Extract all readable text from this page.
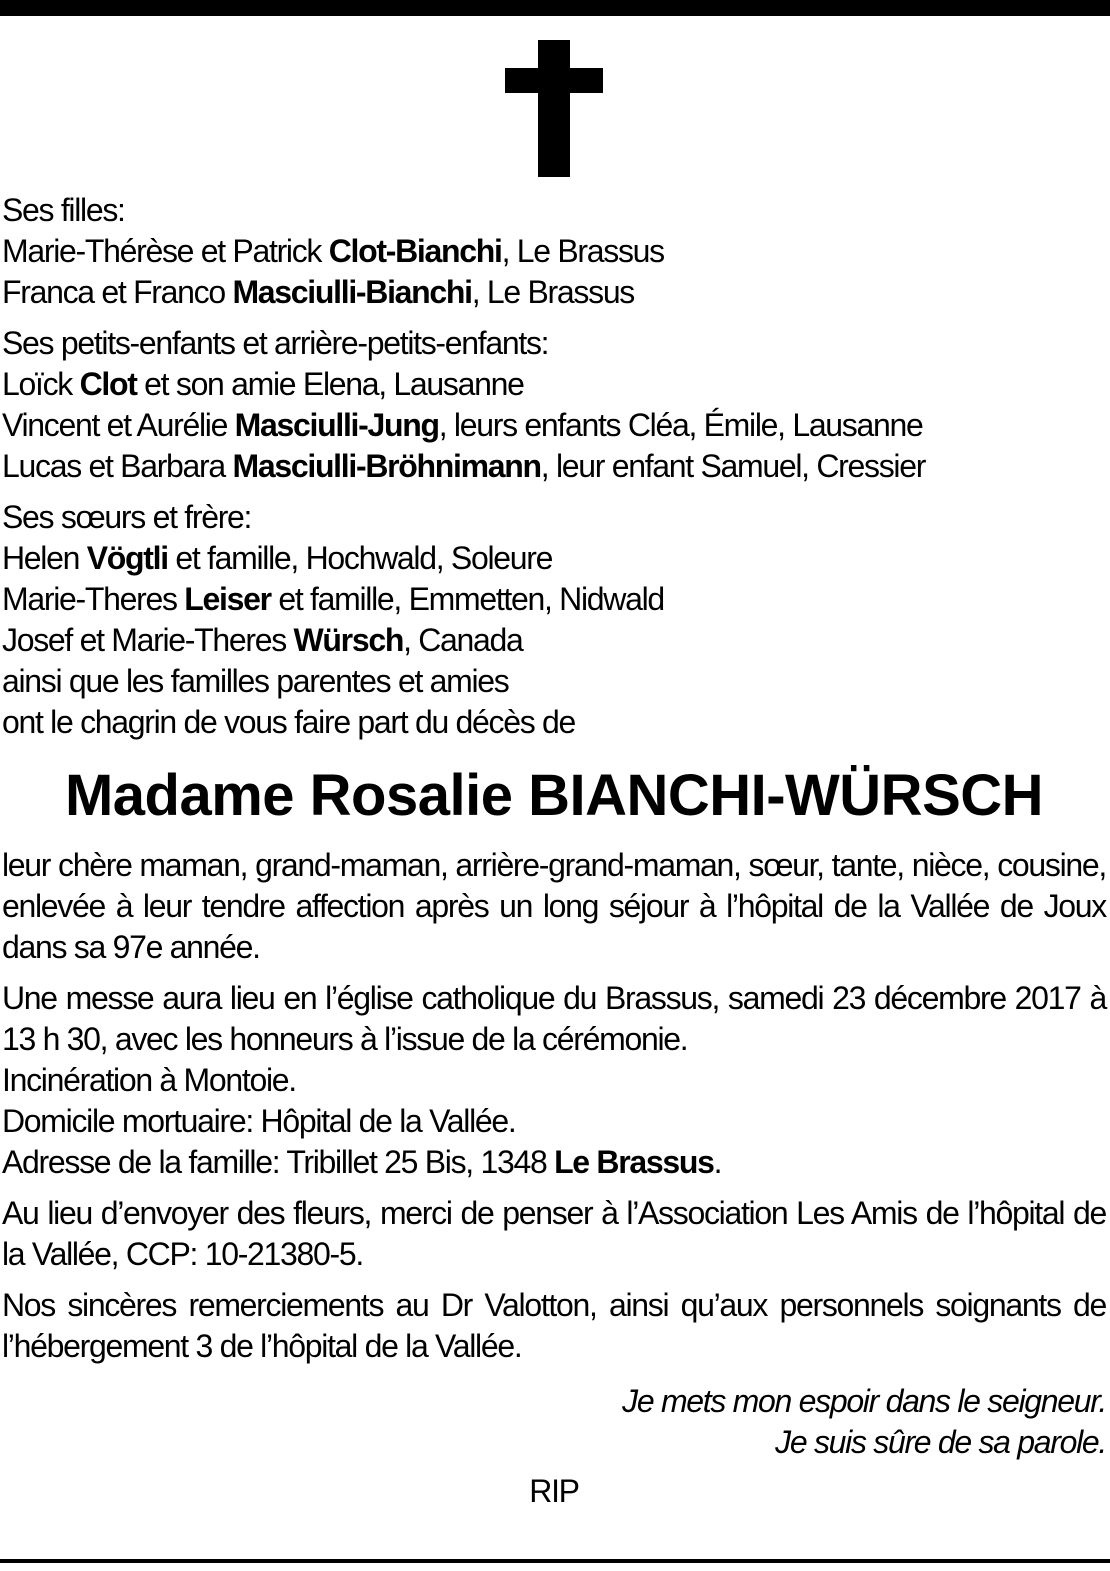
Ses filles:
Marie-Thérèse et Patrick Clot-Bianchi, Le Brassus
Franca et Franco Masciulli-Bianchi, Le Brassus
Ses petits-enfants et arrière-petits-enfants:
Loïck Clot et son amie Elena, Lausanne
Vincent et Aurélie Masciulli-Jung, leurs enfants Cléa, Émile, Lausanne
Lucas et Barbara Masciulli-Bröhnimann, leur enfant Samuel, Cressier
Ses sœurs et frère:
Helen Vögtli et famille, Hochwald, Soleure
Marie-Theres Leiser et famille, Emmetten, Nidwald
Josef et Marie-Theres Würsch, Canada
ainsi que les familles parentes et amies
ont le chagrin de vous faire part du décès de
Madame Rosalie BIANCHI-WÜRSCH
leur chère maman, grand-maman, arrière-grand-maman, sœur, tante, nièce, cousine, enlevée à leur tendre affection après un long séjour à l’hôpital de la Vallée de Joux dans sa 97e année.
Une messe aura lieu en l’église catholique du Brassus, samedi 23 décembre 2017 à 13 h 30, avec les honneurs à l’issue de la cérémonie.
Incinération à Montoie.
Domicile mortuaire: Hôpital de la Vallée.
Adresse de la famille: Tribillet 25 Bis, 1348 Le Brassus.
Au lieu d’envoyer des fleurs, merci de penser à l’Association Les Amis de l’hôpital de la Vallée, CCP: 10-21380-5.
Nos sincères remerciements au Dr Valotton, ainsi qu’aux personnels soignants de l’hébergement 3 de l’hôpital de la Vallée.
Je mets mon espoir dans le seigneur.
Je suis sûre de sa parole.
RIP
